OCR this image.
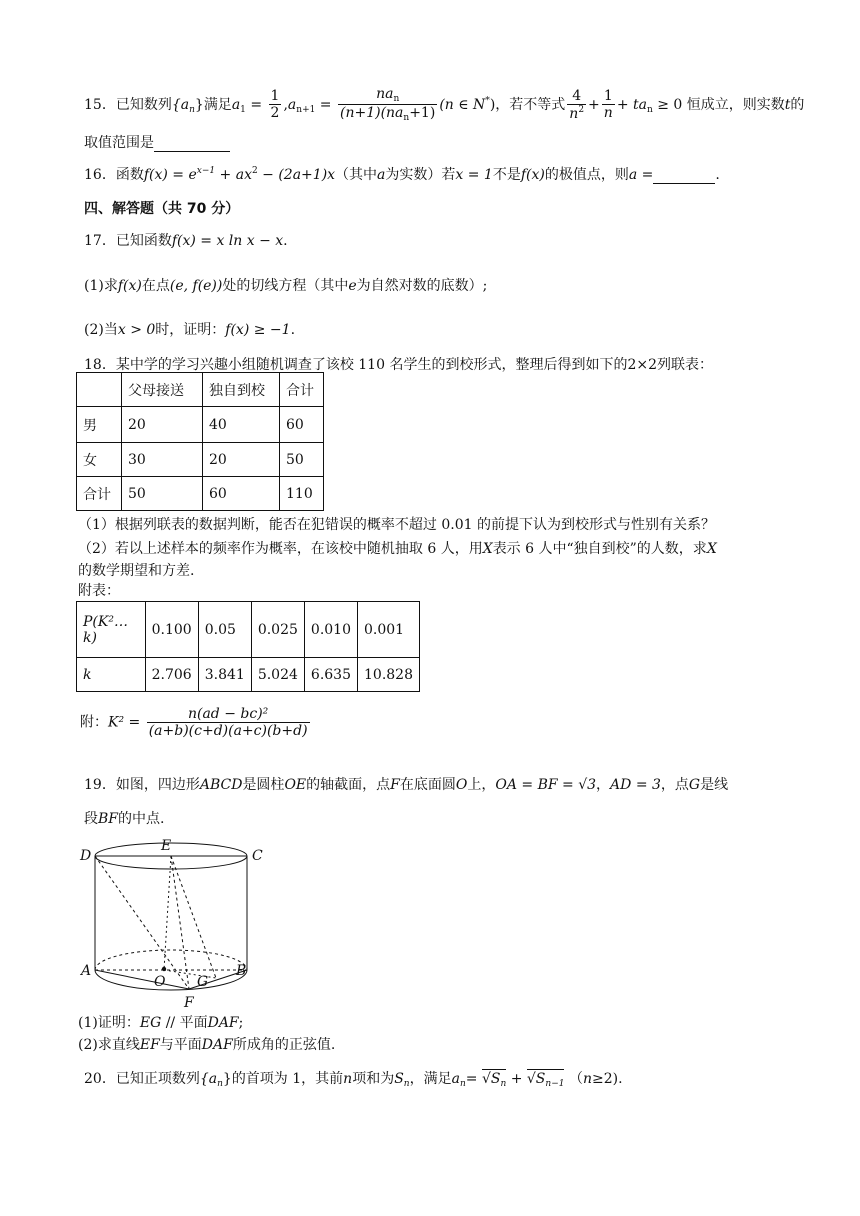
15．已知数列$\{a_n\}$满足$a_1 = \frac{1}{2} ,a_{n+1} = \frac{na_n}{(n+1)(na_n+1)} (n$ ∈ N*)，若不等式 $\frac{4}{n^2} + \frac{1}{n} + ta_n \ge 0$ 恒成立，则实数t的
取值范围是
16．函数$f(x) = e^{x-1} + ax^2 - (2a+1)x$（其中a为实数）若x = 1不是f(x)的极值点，则a =	.
四、解答题（共 70 分）
17．已知函数f(x) = x ln x − x.
(1)求f(x)在点(e, f(e))处的切线方程（其中e为自然对数的底数）;
(2)当x > 0时，证明：f(x) ≥ −1.
18．某中学的学习兴趣小组随机调查了该校 110 名学生的到校形式，整理后得到如下的2×2列联表：
	父母接送	独自到校	合计
男	20	40	60
女	30	20	50
合计	50	60	110
（1）根据列联表的数据判断，能否在犯错误的概率不超过 0.01 的前提下认为到校形式与性别有关系？
（2）若以上述样本的频率作为概率，在该校中随机抽取 6 人，用X表示 6 人中“独自到校”的人数，求X
的数学期望和方差.
附表：
P(K²…k)	0.100	0.05	0.025	0.010	0.001
k	2.706	3.841	5.024	6.635	10.828
附：$K^2 = \frac{\text{n(ad − bc)²}}{(a+b)(c+d)(a+c)(b+d)}$
19．如图，四边形ABCD是圆柱OE的轴截面，点F在底面圆O上，OA = BF = √3，AD = 3，点G是线
段BF的中点.
D
E
C
A
O G
B
F
(1)证明：EG // 平面DAF;
(2)求直线EF与平面DAF所成角的正弦值.
20．已知正项数列$\{a_n\}$的首项为 1，其前n项和为$S_n$，满足$a_n= √S_n + √S_{n-1}$ （n≥2).
